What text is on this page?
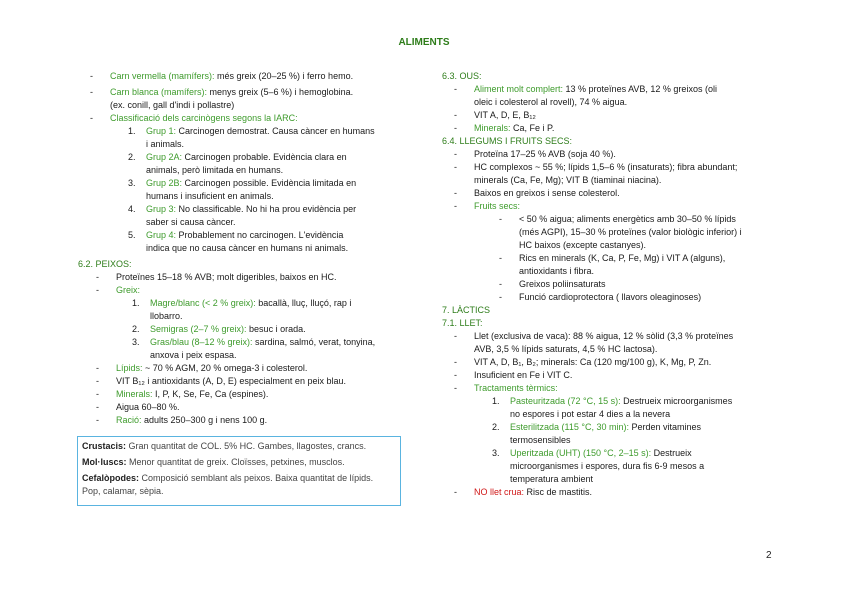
ALIMENTS
- Carn vermella (mamífers): més greix (20–25 %) i ferro hemo.
- Carn blanca (mamífers): menys greix (5–6 %) i hemoglobina.
(ex. conill, gall d'indi i pollastre)
- Classificació dels carcinògens segons la IARC:
1. Grup 1: Carcinogen demostrat. Causa càncer en humans
i animals.
2. Grup 2A: Carcinogen probable. Evidència clara en
animals, però limitada en humans.
3. Grup 2B: Carcinogen possible. Evidència limitada en
humans i insuficient en animals.
4. Grup 3: No classificable. No hi ha prou evidència per
saber si causa càncer.
5. Grup 4: Probablement no carcinogen. L'evidència
indica que no causa càncer en humans ni animals.
6.2. PEIXOS:
- Proteïnes 15–18 % AVB; molt digeribles, baixos en HC.
- Greix:
1. Magre/blanc (< 2 % greix): bacallà, lluç, lluçó, rap i
llobarro.
2. Semigras (2–7 % greix): besuc i orada.
3. Gras/blau (8–12 % greix): sardina, salmó, verat, tonyina,
anxova i peix espasa.
- Lípids: ~ 70 % AGM, 20 % omega-3 i colesterol.
- VIT B₁₂ i antioxidants (A, D, E) especialment en peix blau.
- Minerals: I, P, K, Se, Fe, Ca (espines).
- Aigua 60–80 %.
- Ració: adults 250–300 g i nens 100 g.
Crustacis: Gran quantitat de COL. 5% HC. Gambes, llagostes, crancs.
Mol·luscs: Menor quantitat de greix. Cloïsses, petxines, musclos.
Cefalòpodes: Composició semblant als peixos. Baixa quantitat de lípids.
Pop, calamar, sèpia.
6.3. OUS:
- Aliment molt complert: 13 % proteïnes AVB, 12 % greixos (oli
oleic i colesterol al rovell), 74 % aigua.
- VIT A, D, E, B₁₂
- Minerals: Ca, Fe i P.
6.4. LLEGUMS I FRUITS SECS:
- Proteïna 17–25 % AVB (soja 40 %).
- HC complexos ~ 55 %; lípids 1,5–6 % (insaturats); fibra abundant;
minerals (Ca, Fe, Mg); VIT B (tiaminai niacina).
- Baixos en greixos i sense colesterol.
- Fruits secs:
- < 50 % aigua; aliments energètics amb 30–50 % lípids
(més AGPI), 15–30 % proteïnes (valor biològic inferior) i
HC baixos (excepte castanyes).
- Rics en minerals (K, Ca, P, Fe, Mg) i VIT A (alguns),
antioxidants i fibra.
- Greixos poliinsaturats
- Funció cardioprotectora ( llavors oleaginoses)
7. LÀCTICS
7.1. LLET:
- Llet (exclusiva de vaca): 88 % aigua, 12 % sòlid (3,3 % proteïnes
AVB, 3,5 % lípids saturats, 4,5 % HC lactosa).
- VIT A, D, B₁, B₂; minerals: Ca (120 mg/100 g), K, Mg, P, Zn.
- Insuficient en Fe i VIT C.
- Tractaments tèrmics:
1. Pasteuritzada (72 °C, 15 s): Destrueix microorganismes
no espores i pot estar 4 dies a la nevera
2. Esterilitzada (115 °C, 30 min): Perden vitamines
termosensibles
3. Uperitzada (UHT) (150 °C, 2–15 s): Destrueix
microorganismes i espores, dura fis 6-9 mesos a
temperatura ambient
- NO llet crua: Risc de mastitis.
2
